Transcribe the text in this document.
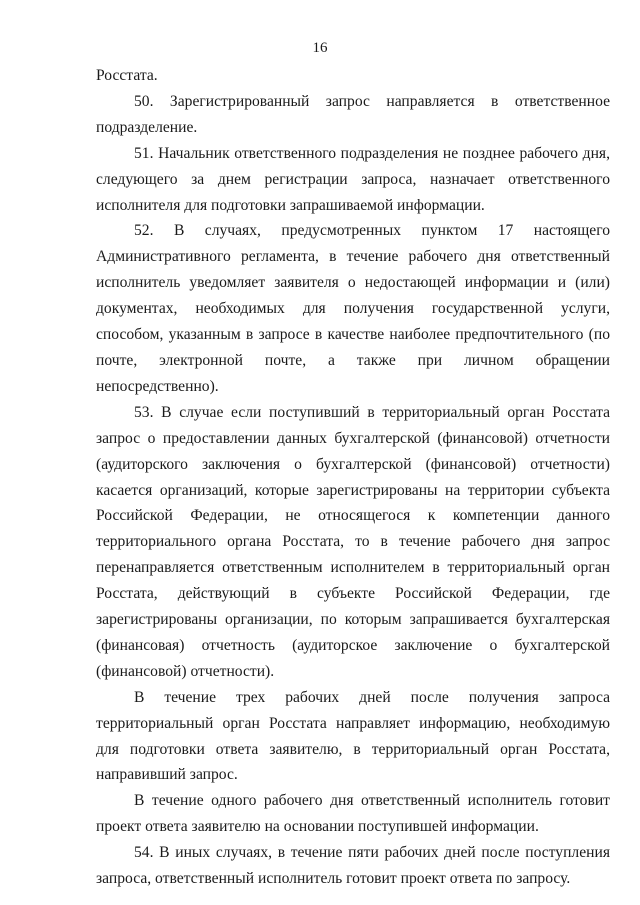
16

Росстата.

50. Зарегистрированный запрос направляется в ответственное подразделение.

51. Начальник ответственного подразделения не позднее рабочего дня, следующего за днем регистрации запроса, назначает ответственного исполнителя для подготовки запрашиваемой информации.

52. В случаях, предусмотренных пунктом 17 настоящего Административного регламента, в течение рабочего дня ответственный исполнитель уведомляет заявителя о недостающей информации и (или) документах, необходимых для получения государственной услуги, способом, указанным в запросе в качестве наиболее предпочтительного (по почте, электронной почте, а также при личном обращении непосредственно).

53. В случае если поступивший в территориальный орган Росстата запрос о предоставлении данных бухгалтерской (финансовой) отчетности (аудиторского заключения о бухгалтерской (финансовой) отчетности) касается организаций, которые зарегистрированы на территории субъекта Российской Федерации, не относящегося к компетенции данного территориального органа Росстата, то в течение рабочего дня запрос перенаправляется ответственным исполнителем в территориальный орган Росстата, действующий в субъекте Российской Федерации, где зарегистрированы организации, по которым запрашивается бухгалтерская (финансовая) отчетность (аудиторское заключение о бухгалтерской (финансовой) отчетности).

В течение трех рабочих дней после получения запроса территориальный орган Росстата направляет информацию, необходимую для подготовки ответа заявителю, в территориальный орган Росстата, направивший запрос.

В течение одного рабочего дня ответственный исполнитель готовит проект ответа заявителю на основании поступившей информации.

54. В иных случаях, в течение пяти рабочих дней после поступления запроса, ответственный исполнитель готовит проект ответа по запросу.
